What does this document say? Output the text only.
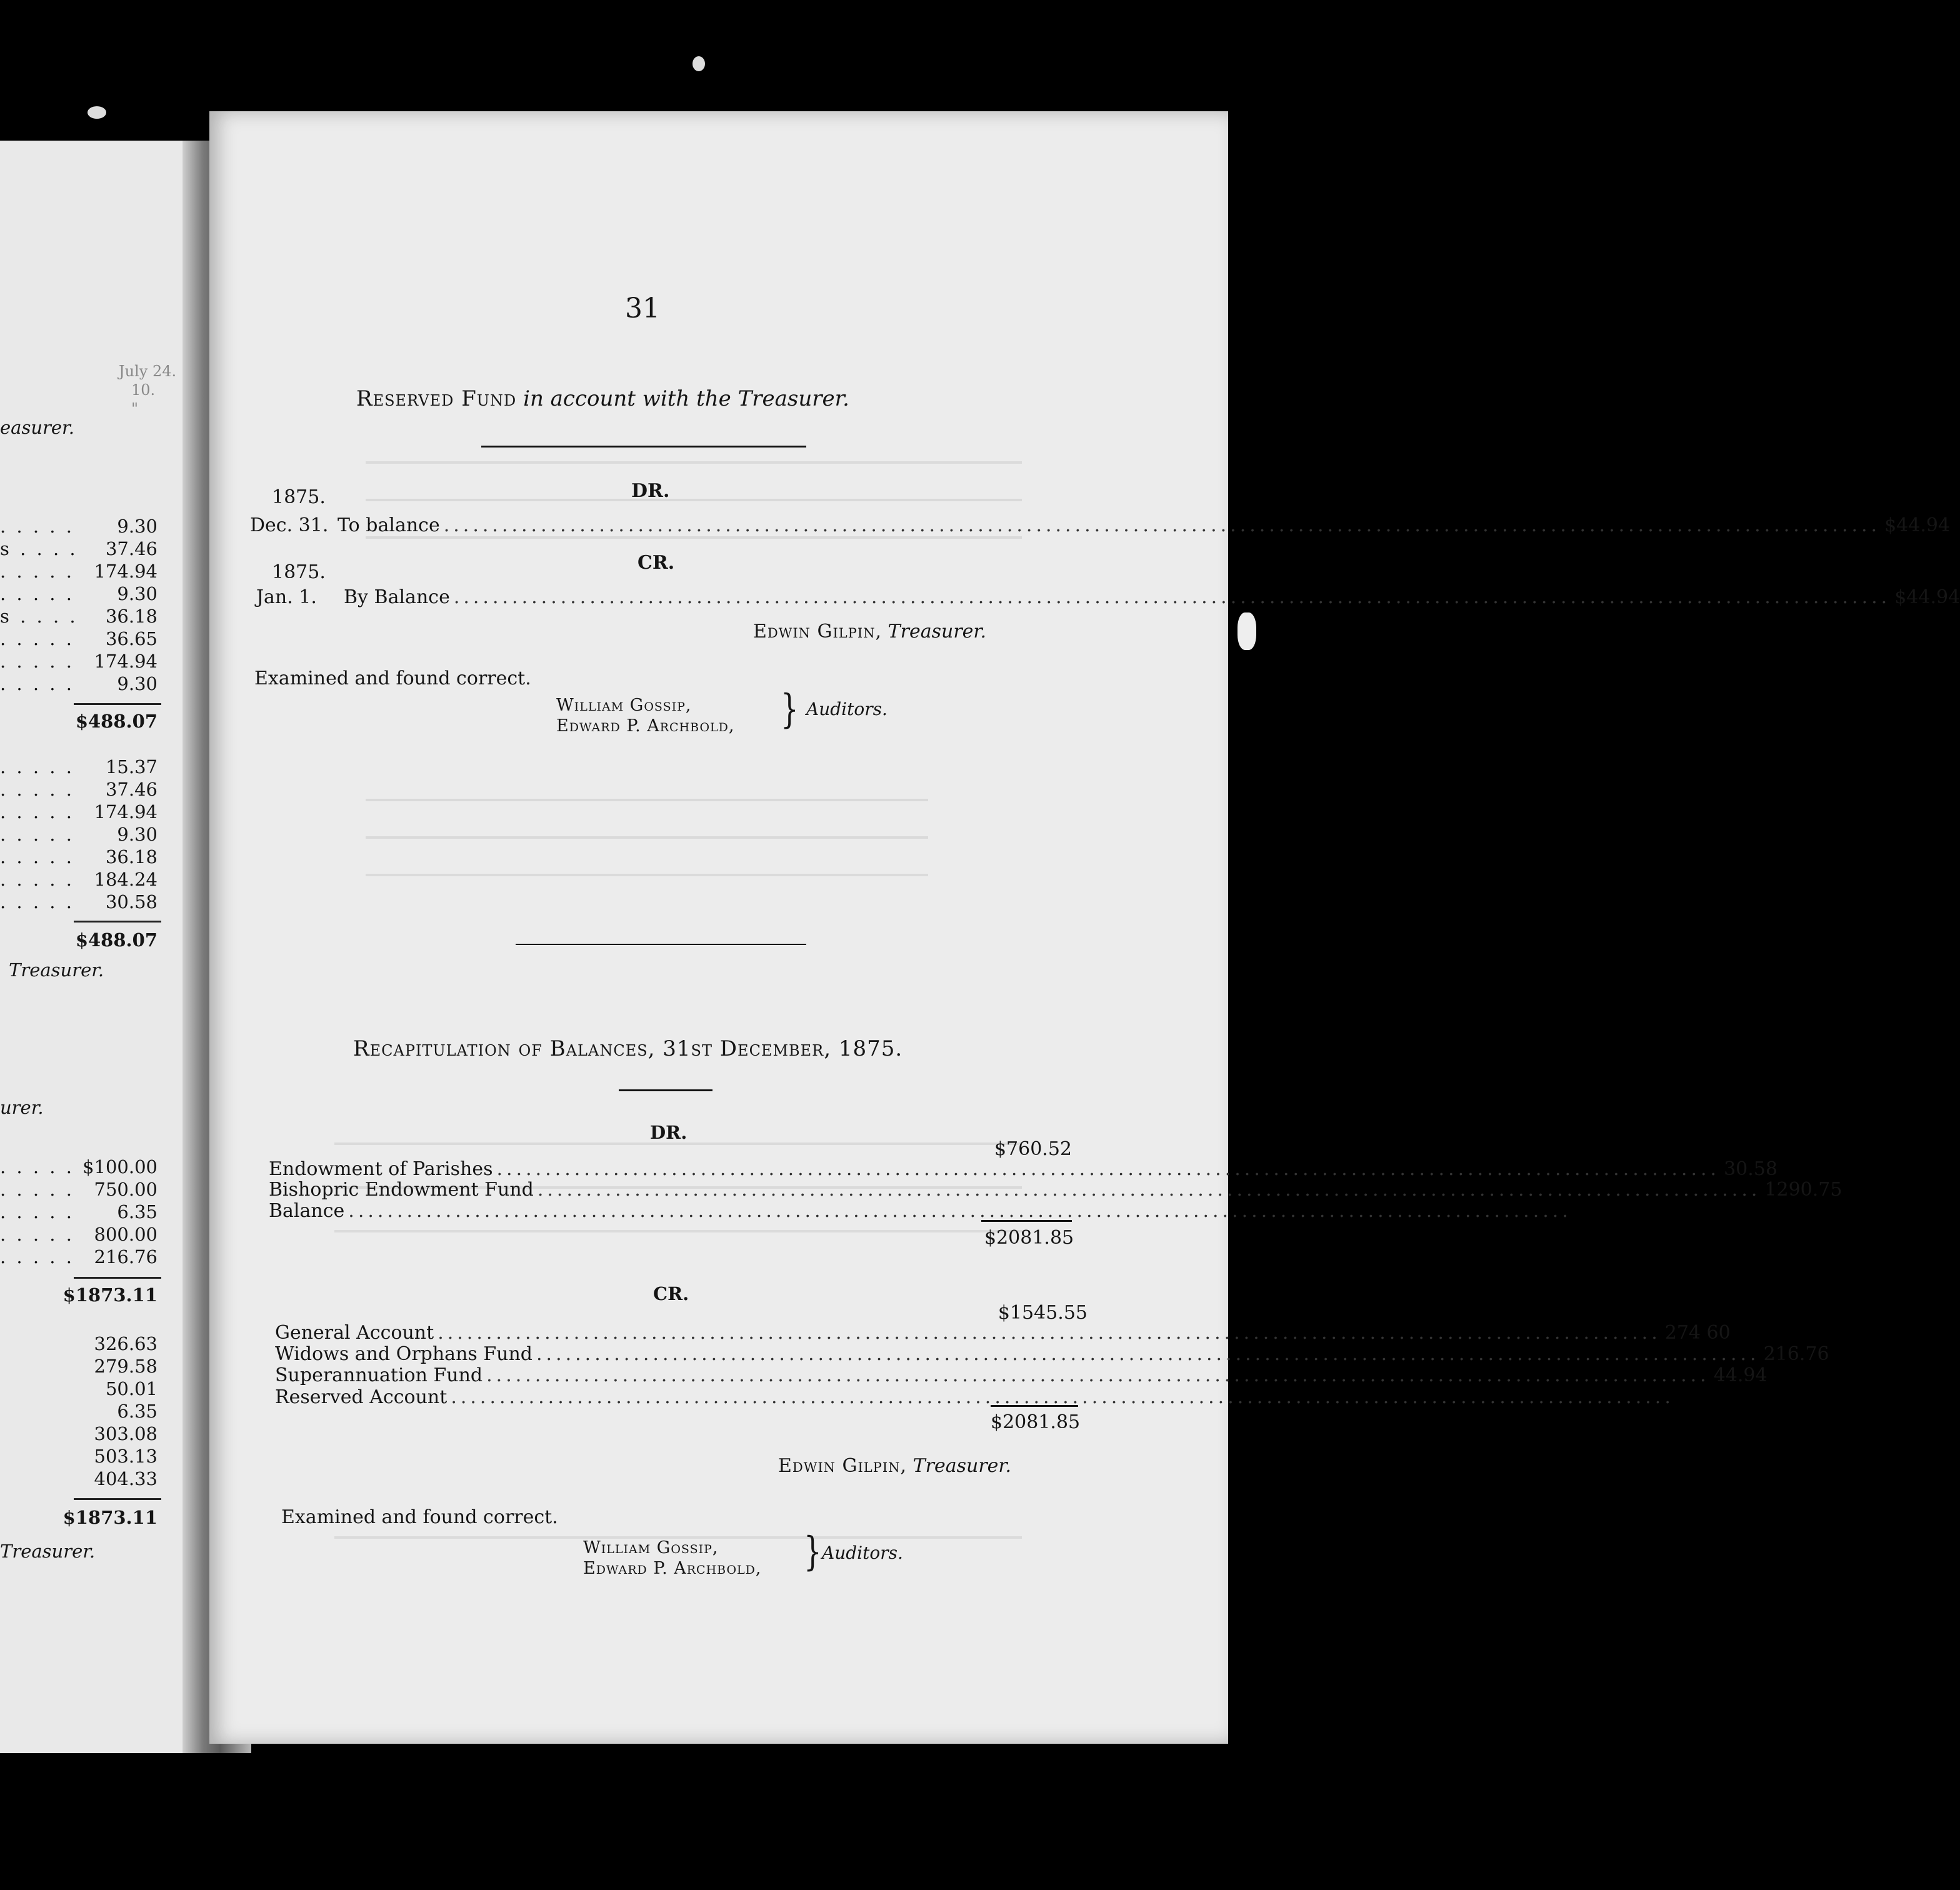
July 24.
10.
"
easurer.
. . . . . 9.30
s . . . . 37.46
. . . . . 174.94
. . . . . 9.30
s . . . . 36.18
. . . . . 36.65
. . . . . 174.94
. . . . . 9.30
$488.07
. . . . . 15.37
. . . . . 37.46
. . . . . 174.94
. . . . . 9.30
. . . . . 36.18
. . . . . 184.24
. . . . . 30.58
$488.07
Treasurer.
urer.
. . . . . $100.00
. . . . . 750.00
. . . . . 6.35
. . . . . 800.00
. . . . . 216.76
$1873.11
326.63
279.58
50.01
6.35
303.08
503.13
404.33
$1873.11
Treasurer.
31
Reserved Fund in account with the Treasurer.
DR.
1875.
Dec. 31. To balance .................................................................................................................................................... $44.94
CR.
1875.
Jan. 1.	By Balance .................................................................................................................................................... $44.94
Edwin Gilpin, Treasurer.
Examined and found correct.
William Gossip,
Edward P. Archbold, } Auditors.
Recapitulation of Balances, 31st December, 1875.
DR.
$760.52
Endowment of Parishes .............................................................................................................................. 30.58
Bishopric Endowment Fund .............................................................................................................................. 1290.75
Balance ..............................................................................................................................
$2081.85
CR.
$1545.55
General Account .............................................................................................................................. 274 60
Widows and Orphans Fund .............................................................................................................................. 216.76
Superannuation Fund .............................................................................................................................. 44.94
Reserved Account ..............................................................................................................................
$2081.85
Edwin Gilpin, Treasurer.
Examined and found correct.
William Gossip,
Edward P. Archbold, } Auditors.
